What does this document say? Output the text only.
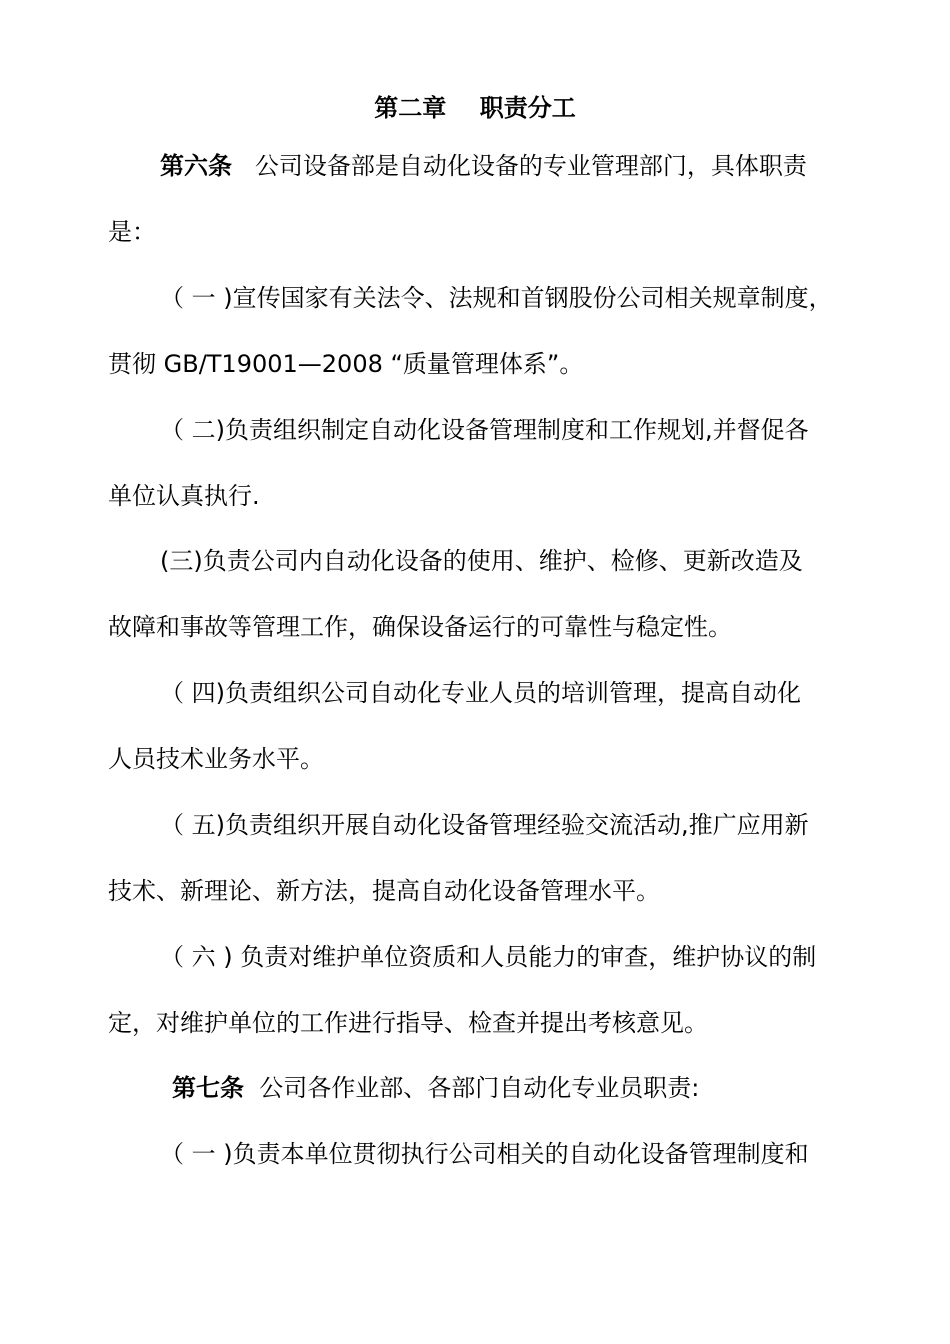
第二章    职责分工
第六条 公司设备部是自动化设备的专业管理部门，具体职责
是：
（ 一 )宣传国家有关法令、法规和首钢股份公司相关规章制度，
贯彻 GB/T19001—2008 “质量管理体系”。
（ 二)负责组织制定自动化设备管理制度和工作规划,并督促各
单位认真执行.
(三)负责公司内自动化设备的使用、维护、检修、更新改造及
故障和事故等管理工作，确保设备运行的可靠性与稳定性。
（ 四)负责组织公司自动化专业人员的培训管理，提高自动化
人员技术业务水平。
（ 五)负责组织开展自动化设备管理经验交流活动,推广应用新
技术、新理论、新方法，提高自动化设备管理水平。
（ 六 ) 负责对维护单位资质和人员能力的审查，维护协议的制
定，对维护单位的工作进行指导、检查并提出考核意见。
第七条 公司各作业部、各部门自动化专业员职责:
（ 一 )负责本单位贯彻执行公司相关的自动化设备管理制度和
